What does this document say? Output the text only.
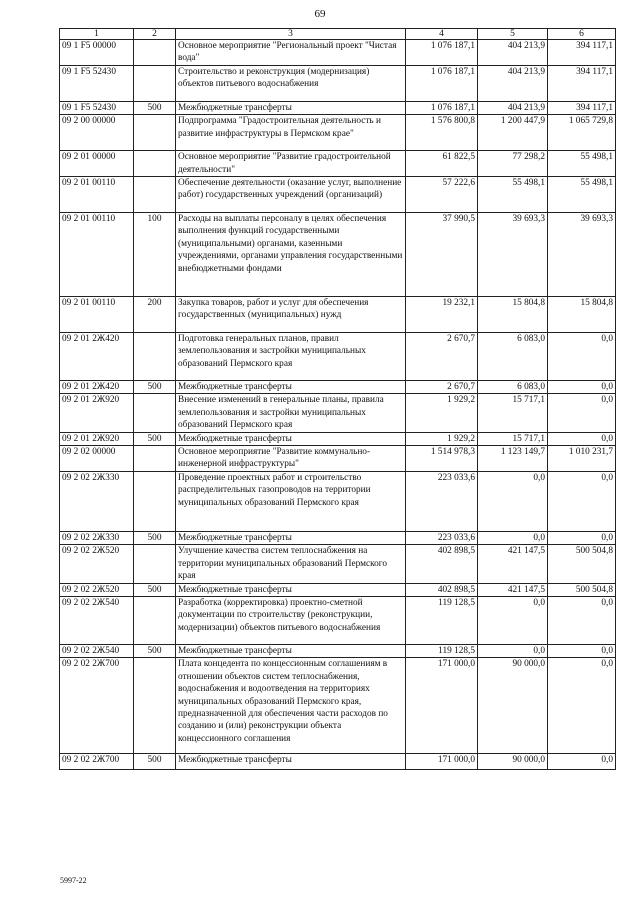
69
1	2	3	4	5	6
09 1 F5 00000		Основное мероприятие "Региональный проект "Чистая вода"	1 076 187,1	404 213,9	394 117,1
09 1 F5 52430		Строительство и реконструкция (модернизация) объектов питьевого водоснабжения	1 076 187,1	404 213,9	394 117,1
09 1 F5 52430	500	Межбюджетные трансферты	1 076 187,1	404 213,9	394 117,1
09 2 00 00000		Подпрограмма "Градостроительная деятельность и развитие инфраструктуры в Пермском крае"	1 576 800,8	1 200 447,9	1 065 729,8
09 2 01 00000		Основное мероприятие "Развитие градостроительной деятельности"	61 822,5	77 298,2	55 498,1
09 2 01 00110		Обеспечение деятельности (оказание услуг, выполнение работ) государственных учреждений (организаций)	57 222,6	55 498,1	55 498,1
09 2 01 00110	100	Расходы на выплаты персоналу в целях обеспечения выполнения функций государственными (муниципальными) органами, казенными учреждениями, органами управления государственными внебюджетными фондами	37 990,5	39 693,3	39 693,3
09 2 01 00110	200	Закупка товаров, работ и услуг для обеспечения государственных (муниципальных) нужд	19 232,1	15 804,8	15 804,8
09 2 01 2Ж420		Подготовка генеральных планов, правил землепользования и застройки муниципальных образований Пермского края	2 670,7	6 083,0	0,0
09 2 01 2Ж420	500	Межбюджетные трансферты	2 670,7	6 083,0	0,0
09 2 01 2Ж920		Внесение изменений в генеральные планы, правила землепользования и застройки муниципальных образований Пермского края	1 929,2	15 717,1	0,0
09 2 01 2Ж920	500	Межбюджетные трансферты	1 929,2	15 717,1	0,0
09 2 02 00000		Основное мероприятие "Развитие коммунально-инженерной инфраструктуры"	1 514 978,3	1 123 149,7	1 010 231,7
09 2 02 2Ж330		Проведение проектных работ и строительство распределительных газопроводов на территории муниципальных образований Пермского края	223 033,6	0,0	0,0
09 2 02 2Ж330	500	Межбюджетные трансферты	223 033,6	0,0	0,0
09 2 02 2Ж520		Улучшение качества систем теплоснабжения на территории муниципальных образований Пермского края	402 898,5	421 147,5	500 504,8
09 2 02 2Ж520	500	Межбюджетные трансферты	402 898,5	421 147,5	500 504,8
09 2 02 2Ж540		Разработка (корректировка) проектно-сметной документации по строительству (реконструкции, модернизации) объектов питьевого водоснабжения	119 128,5	0,0	0,0
09 2 02 2Ж540	500	Межбюджетные трансферты	119 128,5	0,0	0,0
09 2 02 2Ж700		Плата концедента по концессионным соглашениям в отношении объектов систем теплоснабжения, водоснабжения и водоотведения на территориях муниципальных образований Пермского края, предназначенной для обеспечения части расходов по созданию и (или) реконструкции объекта концессионного соглашения	171 000,0	90 000,0	0,0
09 2 02 2Ж700	500	Межбюджетные трансферты	171 000,0	90 000,0	0,0
5997-22
